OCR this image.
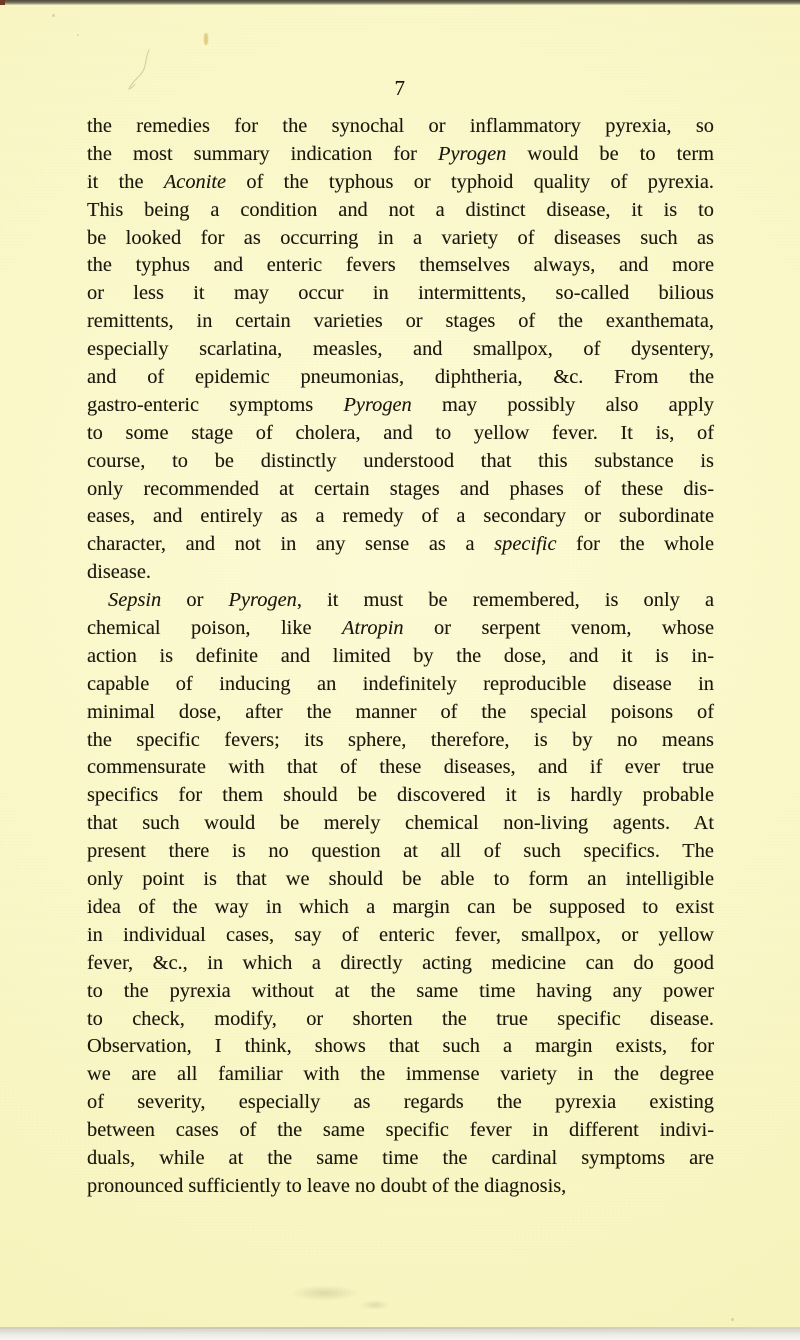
7

the remedies for the synochal or inflammatory pyrexia, so
the most summary indication for Pyrogen would be to term
it the Aconite of the typhous or typhoid quality of pyrexia.
This being a condition and not a distinct disease, it is to
be looked for as occurring in a variety of diseases such as
the typhus and enteric fevers themselves always, and more
or less it may occur in intermittents, so-called bilious
remittents, in certain varieties or stages of the exanthemata,
especially scarlatina, measles, and smallpox, of dysentery,
and of epidemic pneumonias, diphtheria, &c. From the
gastro-enteric symptoms Pyrogen may possibly also apply
to some stage of cholera, and to yellow fever. It is, of
course, to be distinctly understood that this substance is
only recommended at certain stages and phases of these dis-
eases, and entirely as a remedy of a secondary or subordinate
character, and not in any sense as a specific for the whole
disease.

Sepsin or Pyrogen, it must be remembered, is only a
chemical poison, like Atropin or serpent venom, whose
action is definite and limited by the dose, and it is in-
capable of inducing an indefinitely reproducible disease in
minimal dose, after the manner of the special poisons of
the specific fevers; its sphere, therefore, is by no means
commensurate with that of these diseases, and if ever true
specifics for them should be discovered it is hardly probable
that such would be merely chemical non-living agents. At
present there is no question at all of such specifics. The
only point is that we should be able to form an intelligible
idea of the way in which a margin can be supposed to exist
in individual cases, say of enteric fever, smallpox, or yellow
fever, &c., in which a directly acting medicine can do good
to the pyrexia without at the same time having any power
to check, modify, or shorten the true specific disease.
Observation, I think, shows that such a margin exists, for
we are all familiar with the immense variety in the degree
of severity, especially as regards the pyrexia existing
between cases of the same specific fever in different indivi-
duals, while at the same time the cardinal symptoms are
pronounced sufficiently to leave no doubt of the diagnosis,
